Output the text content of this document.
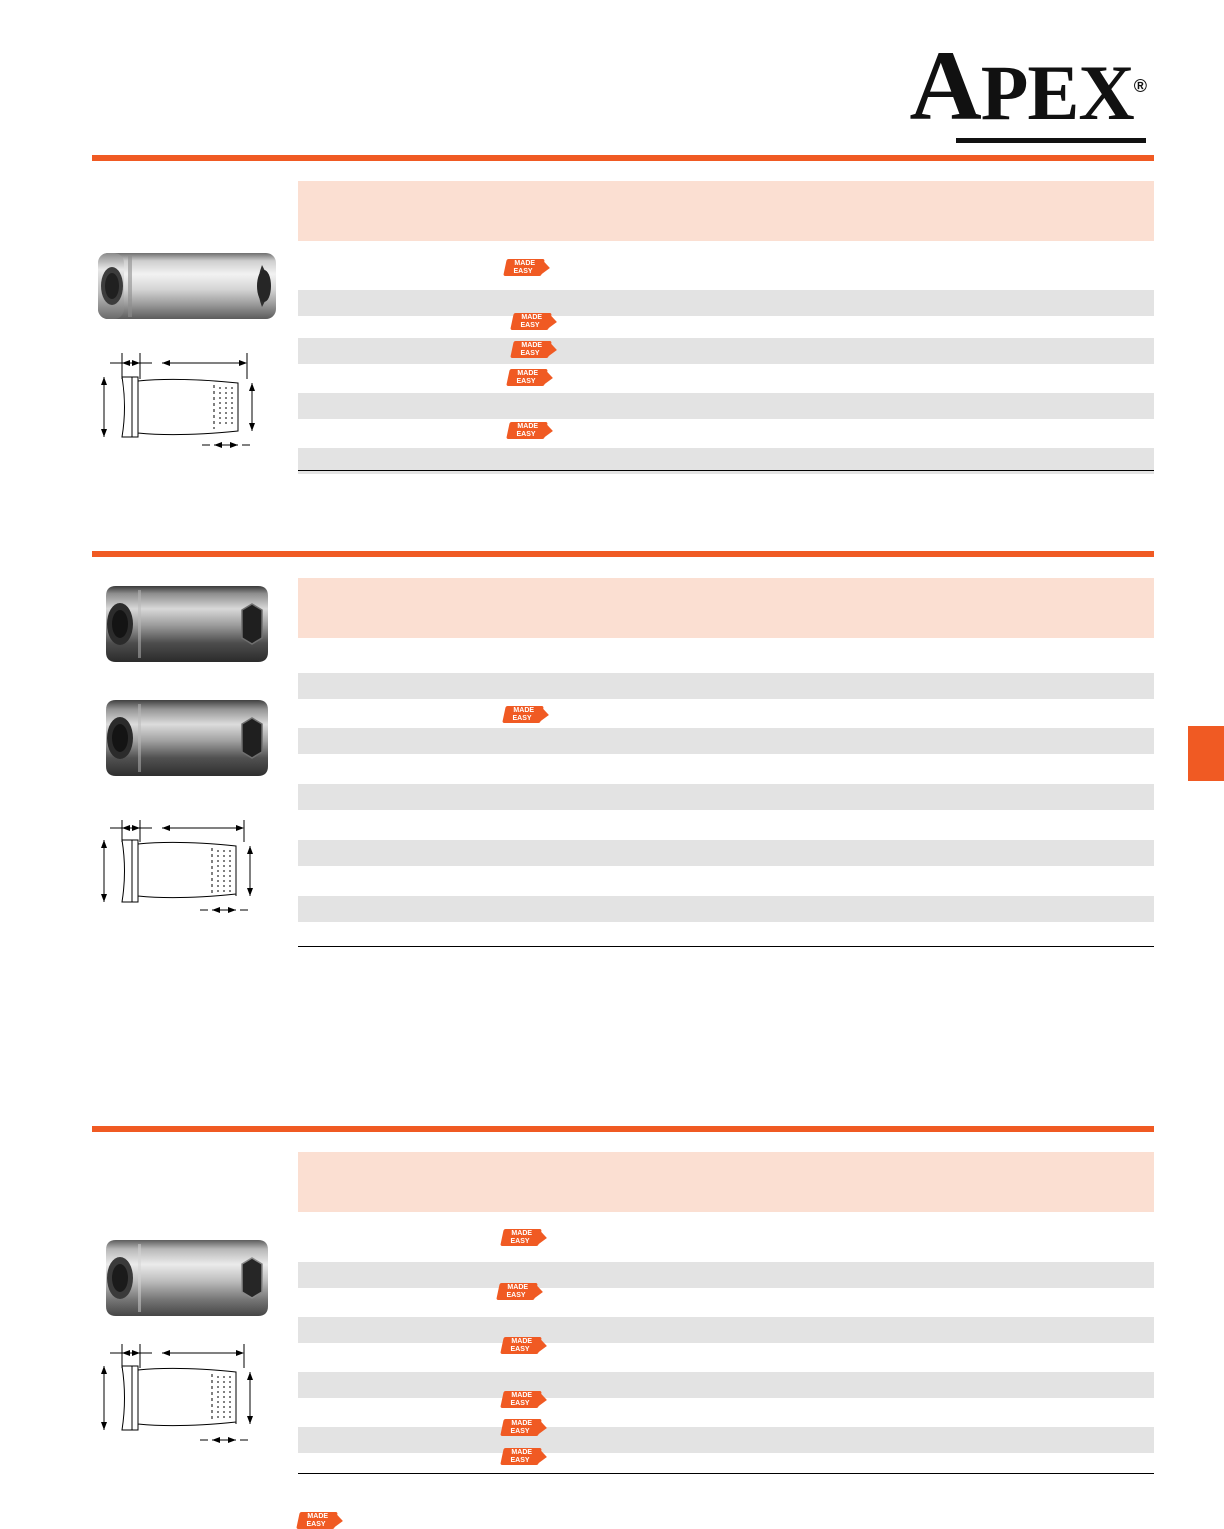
APEX®
MADE
EASY
MADE
EASY
MADE
EASY
MADE
EASY
MADE
EASY
MADE
EASY
MADE
EASY
MADE
EASY
MADE
EASY
MADE
EASY
MADE
EASY
MADE
EASY
MADE
EASY
